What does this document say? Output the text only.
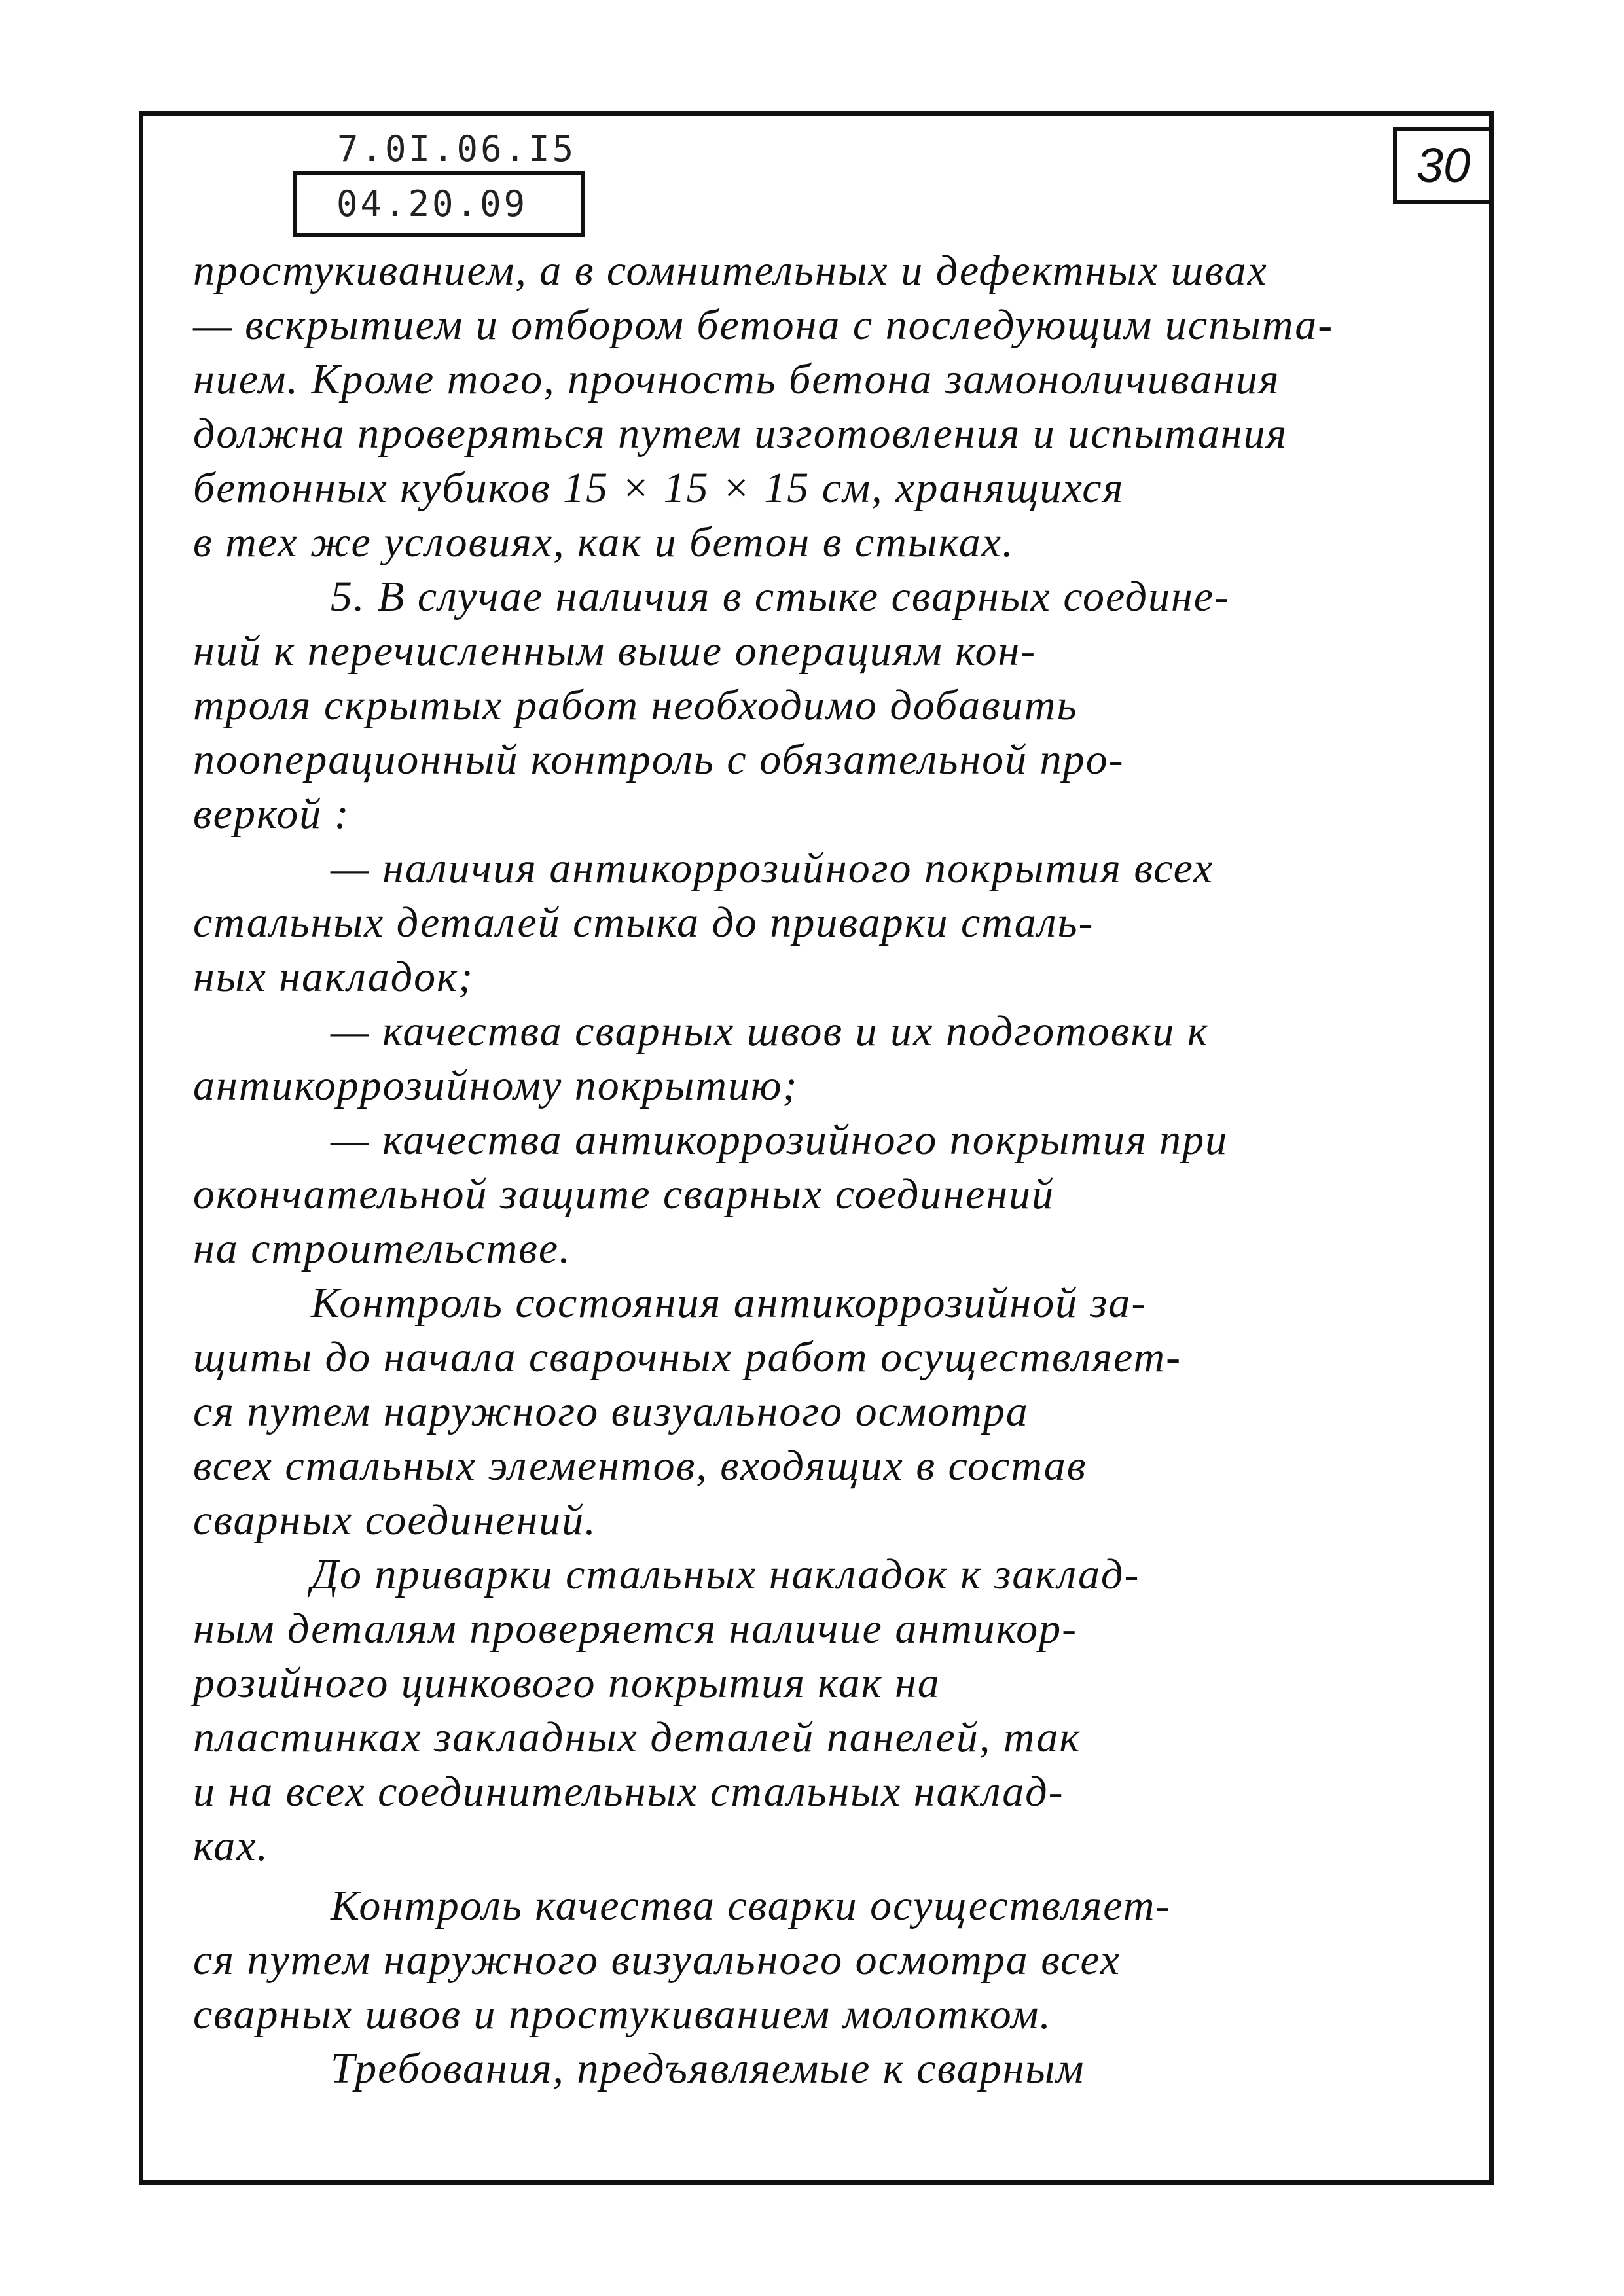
7.0I.06.I5
04.20.09
30
простукиванием, а в сомнительных и дефектных швах
— вскрытием и отбором бетона с последующим испыта-
нием. Кроме того, прочность бетона замоноличивания
должна проверяться путем изготовления и испытания
бетонных кубиков 15 × 15 × 15 см, хранящихся
в тех же условиях, как и бетон в стыках.
5. В случае наличия в стыке сварных соедине-
ний к перечисленным выше операциям кон-
троля скрытых работ необходимо добавить
пооперационный контроль с обязательной про-
веркой :
— наличия антикоррозийного покрытия всех
стальных деталей стыка до приварки сталь-
ных накладок;
— качества сварных швов и их подготовки к
антикоррозийному покрытию;
— качества антикоррозийного покрытия при
окончательной защите сварных соединений
на строительстве.
Контроль состояния антикоррозийной за-
щиты до начала сварочных работ осуществляет-
ся путем наружного визуального осмотра
всех стальных элементов, входящих в состав
сварных соединений.
До приварки стальных накладок к заклад-
ным деталям проверяется наличие антикор-
розийного цинкового покрытия как на
пластинках закладных деталей панелей, так
и на всех соединительных стальных наклад-
ках.
Контроль качества сварки осуществляет-
ся путем наружного визуального осмотра всех
сварных швов и простукиванием молотком.
Требования, предъявляемые к сварным
